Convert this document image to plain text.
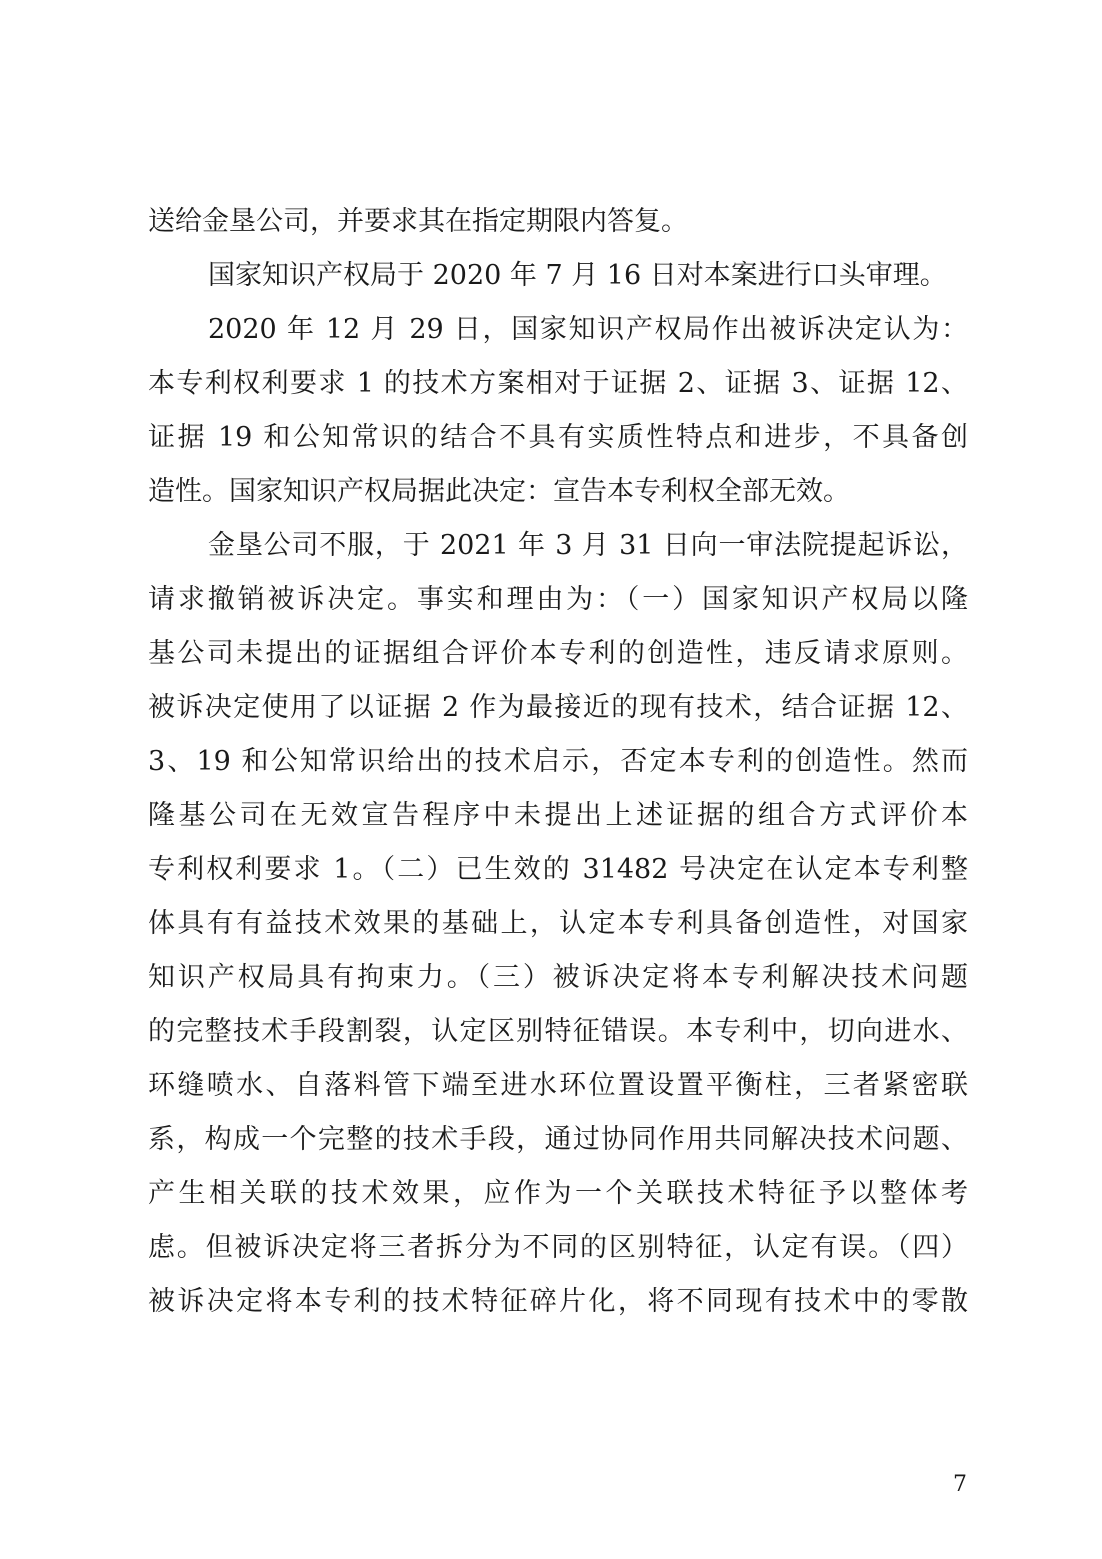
送给金垦公司，并要求其在指定期限内答复。
国家知识产权局于 2020 年 7 月 16 日对本案进行口头审理。
2020 年 12 月 29 日，国家知识产权局作出被诉决定认为：
本专利权利要求 1 的技术方案相对于证据 2、证据 3、证据 12、
证据 19 和公知常识的结合不具有实质性特点和进步，不具备创
造性。国家知识产权局据此决定：宣告本专利权全部无效。
金垦公司不服，于 2021 年 3 月 31 日向一审法院提起诉讼，
请求撤销被诉决定。事实和理由为：（一）国家知识产权局以隆
基公司未提出的证据组合评价本专利的创造性，违反请求原则。
被诉决定使用了以证据 2 作为最接近的现有技术，结合证据 12、
3、19 和公知常识给出的技术启示，否定本专利的创造性。然而
隆基公司在无效宣告程序中未提出上述证据的组合方式评价本
专利权利要求 1。（二）已生效的 31482 号决定在认定本专利整
体具有有益技术效果的基础上，认定本专利具备创造性，对国家
知识产权局具有拘束力。（三）被诉决定将本专利解决技术问题
的完整技术手段割裂，认定区别特征错误。本专利中，切向进水、
环缝喷水、自落料管下端至进水环位置设置平衡柱，三者紧密联
系，构成一个完整的技术手段，通过协同作用共同解决技术问题、
产生相关联的技术效果，应作为一个关联技术特征予以整体考
虑。但被诉决定将三者拆分为不同的区别特征，认定有误。（四）
被诉决定将本专利的技术特征碎片化，将不同现有技术中的零散
7
